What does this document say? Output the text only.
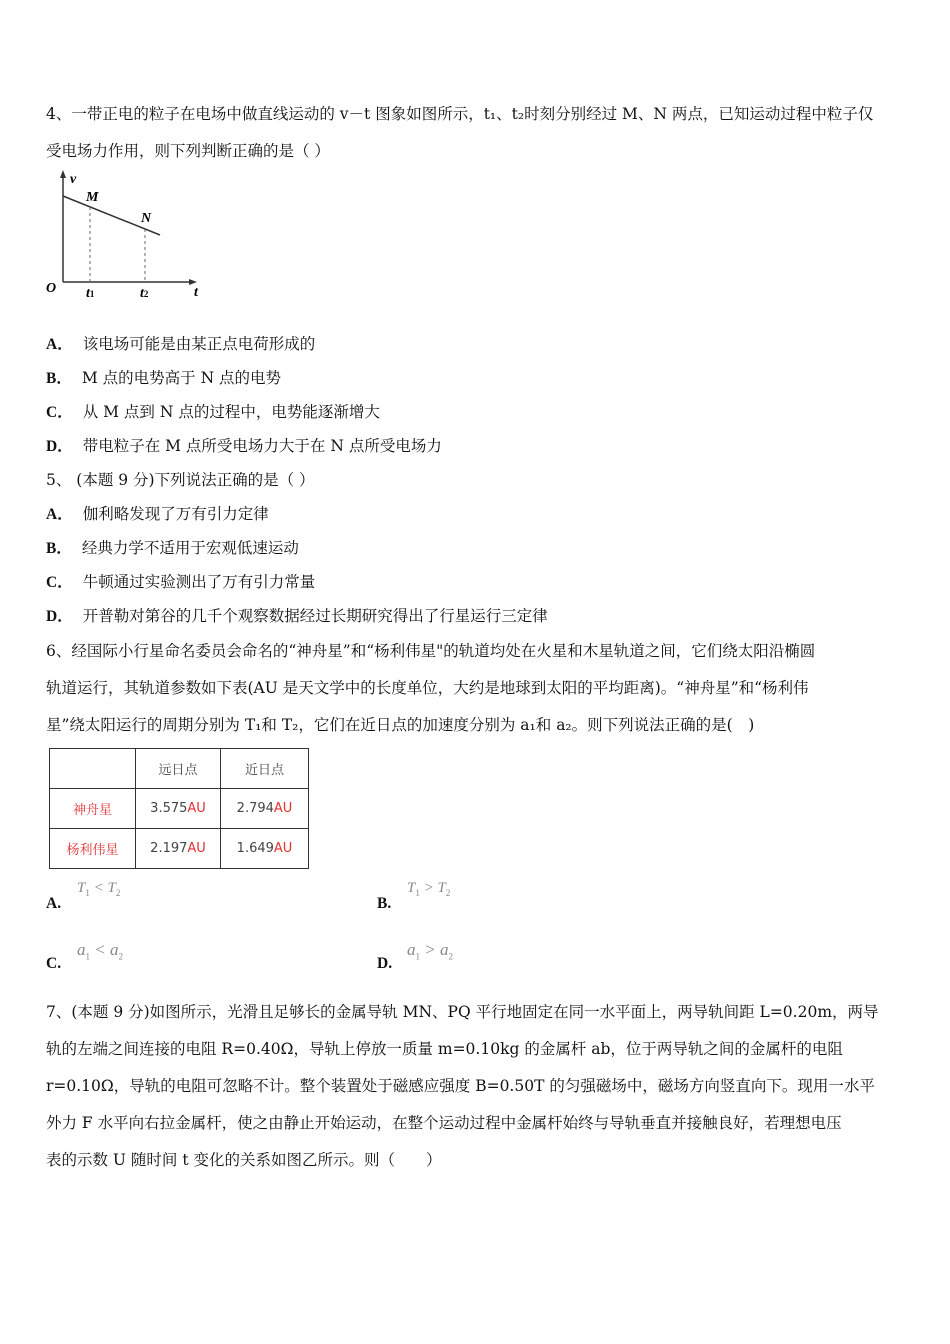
4、一带正电的粒子在电场中做直线运动的 v－t 图象如图所示，t₁、t₂时刻分别经过 M、N 两点，已知运动过程中粒子仅
受电场力作用，则下列判断正确的是（ ）
v
M
N
O	t
t1	t2
A． 该电场可能是由某正点电荷形成的
B． M 点的电势高于 N 点的电势
C． 从 M 点到 N 点的过程中，电势能逐渐增大
D． 带电粒子在 M 点所受电场力大于在 N 点所受电场力
5、 (本题 9 分)下列说法正确的是（ ）
A． 伽利略发现了万有引力定律
B． 经典力学不适用于宏观低速运动
C． 牛顿通过实验测出了万有引力常量
D． 开普勒对第谷的几千个观察数据经过长期研究得出了行星运行三定律
6、经国际小行星命名委员会命名的“神舟星”和“杨利伟星"的轨道均处在火星和木星轨道之间，它们绕太阳沿椭圆
轨道运行，其轨道参数如下表(AU 是天文学中的长度单位，大约是地球到太阳的平均距离)。“神舟星”和“杨利伟
星”绕太阳运行的周期分别为 T₁和 T₂，它们在近日点的加速度分别为 a₁和 a₂。则下列说法正确的是(　)
	远日点	近日点
神舟星	3.575AU	2.794AU
杨利伟星	2.197AU	1.649AU
A.
$T_1 < T_2$
B.
$T_1 > T_2$
C.
$a_1 < a_2$	D.
$a_1 > a_2$
7、(本题 9 分)如图所示，光滑且足够长的金属导轨 MN、PQ 平行地固定在同一水平面上，两导轨间距 L=0.20m，两导
轨的左端之间连接的电阻 R=0.40Ω，导轨上停放一质量 m=0.10kg 的金属杆 ab，位于两导轨之间的金属杆的电阻
r=0.10Ω，导轨的电阻可忽略不计。整个装置处于磁感应强度 B=0.50T 的匀强磁场中，磁场方向竖直向下。现用一水平
外力 F 水平向右拉金属杆，使之由静止开始运动，在整个运动过程中金属杆始终与导轨垂直并接触良好，若理想电压
表的示数 U 随时间 t 变化的关系如图乙所示。则（　　）
